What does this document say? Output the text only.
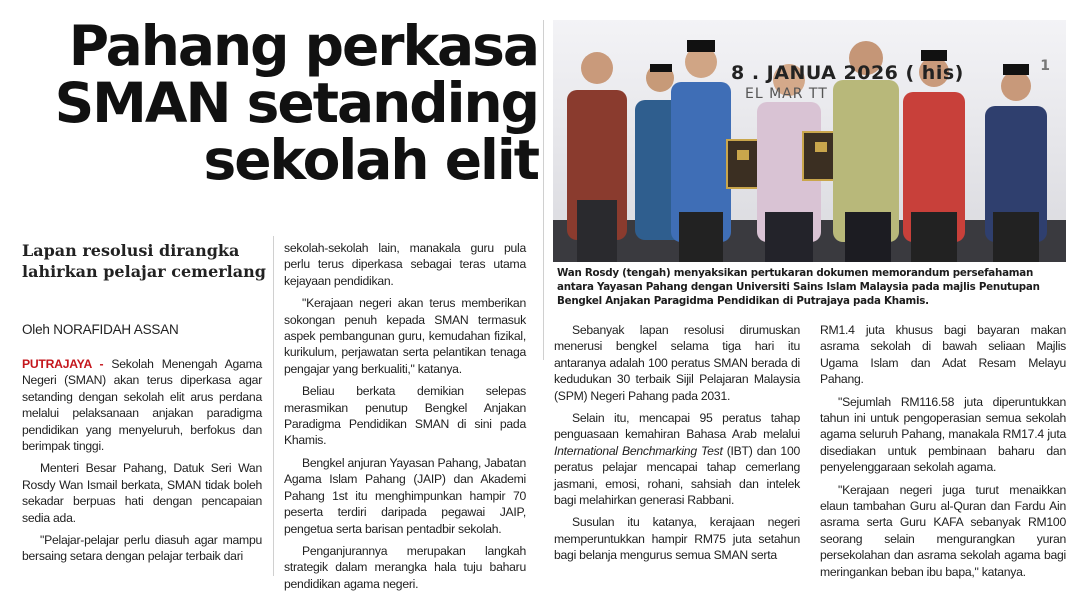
Pahang perkasa
SMAN setanding
sekolah elit
Lapan resolusi dirangka lahirkan pelajar cemerlang
Oleh NORAFIDAH ASSAN

PUTRAJAYA - Sekolah Menengah Agama Negeri (SMAN) akan terus diperkasa agar setanding dengan sekolah elit arus perdana melalui pelaksanaan anjakan paradigma pendidikan yang menyeluruh, berfokus dan berimpak tinggi.

Menteri Besar Pahang, Datuk Seri Wan Rosdy Wan Ismail berkata, SMAN tidak boleh sekadar berpuas hati dengan pencapaian sedia ada.

"Pelajar-pelajar perlu diasuh agar mampu bersaing setara dengan pelajar terbaik dari

sekolah-sekolah lain, manakala guru pula perlu terus diperkasa sebagai teras utama kejayaan pendidikan.

"Kerajaan negeri akan terus memberikan sokongan penuh kepada SMAN termasuk aspek pembangunan guru, kemudahan fizikal, kurikulum, perjawatan serta pelantikan tenaga pengajar yang berkualiti," katanya.

Beliau berkata demikian selepas merasmikan penutup Bengkel Anjakan Paradigma Pendidikan SMAN di sini pada Khamis.

Bengkel anjuran Yayasan Pahang, Jabatan Agama Islam Pahang (JAIP) dan Akademi Pahang 1st itu menghimpunkan hampir 70 peserta terdiri daripada pegawai JAIP, pengetua serta barisan pentadbir sekolah.

Penganjurannya merupakan langkah strategik dalam merangka hala tuju baharu pendidikan agama negeri.

8 . JANUA 2026 ( his)
EL MAR TT
1
Wan Rosdy (tengah) menyaksikan pertukaran dokumen memorandum persefahaman antara Yayasan Pahang dengan Universiti Sains Islam Malaysia pada majlis Penutupan Bengkel Anjakan Paragidma Pendidikan di Putrajaya pada Khamis.

Sebanyak lapan resolusi dirumuskan menerusi bengkel selama tiga hari itu antaranya adalah 100 peratus SMAN berada di kedudukan 30 terbaik Sijil Pelajaran Malaysia (SPM) Negeri Pahang pada 2031.

Selain itu, mencapai 95 peratus tahap penguasaan kemahiran Bahasa Arab melalui International Benchmarking Test (IBT) dan 100 peratus pelajar mencapai tahap cemerlang jasmani, emosi, rohani, sahsiah dan intelek bagi melahirkan generasi Rabbani.

Susulan itu katanya, kerajaan negeri memperuntukkan hampir RM75 juta setahun bagi belanja mengurus semua SMAN serta

RM1.4 juta khusus bagi bayaran makan asrama sekolah di bawah seliaan Majlis Ugama Islam dan Adat Resam Melayu Pahang.

"Sejumlah RM116.58 juta diperuntukkan tahun ini untuk pengoperasian semua sekolah agama seluruh Pahang, manakala RM17.4 juta disediakan untuk pembinaan baharu dan penyelenggaraan sekolah agama.

"Kerajaan negeri juga turut menaikkan elaun tambahan Guru al-Quran dan Fardu Ain asrama serta Guru KAFA sebanyak RM100 seorang selain mengurangkan yuran persekolahan dan asrama sekolah agama bagi meringankan beban ibu bapa," katanya.
